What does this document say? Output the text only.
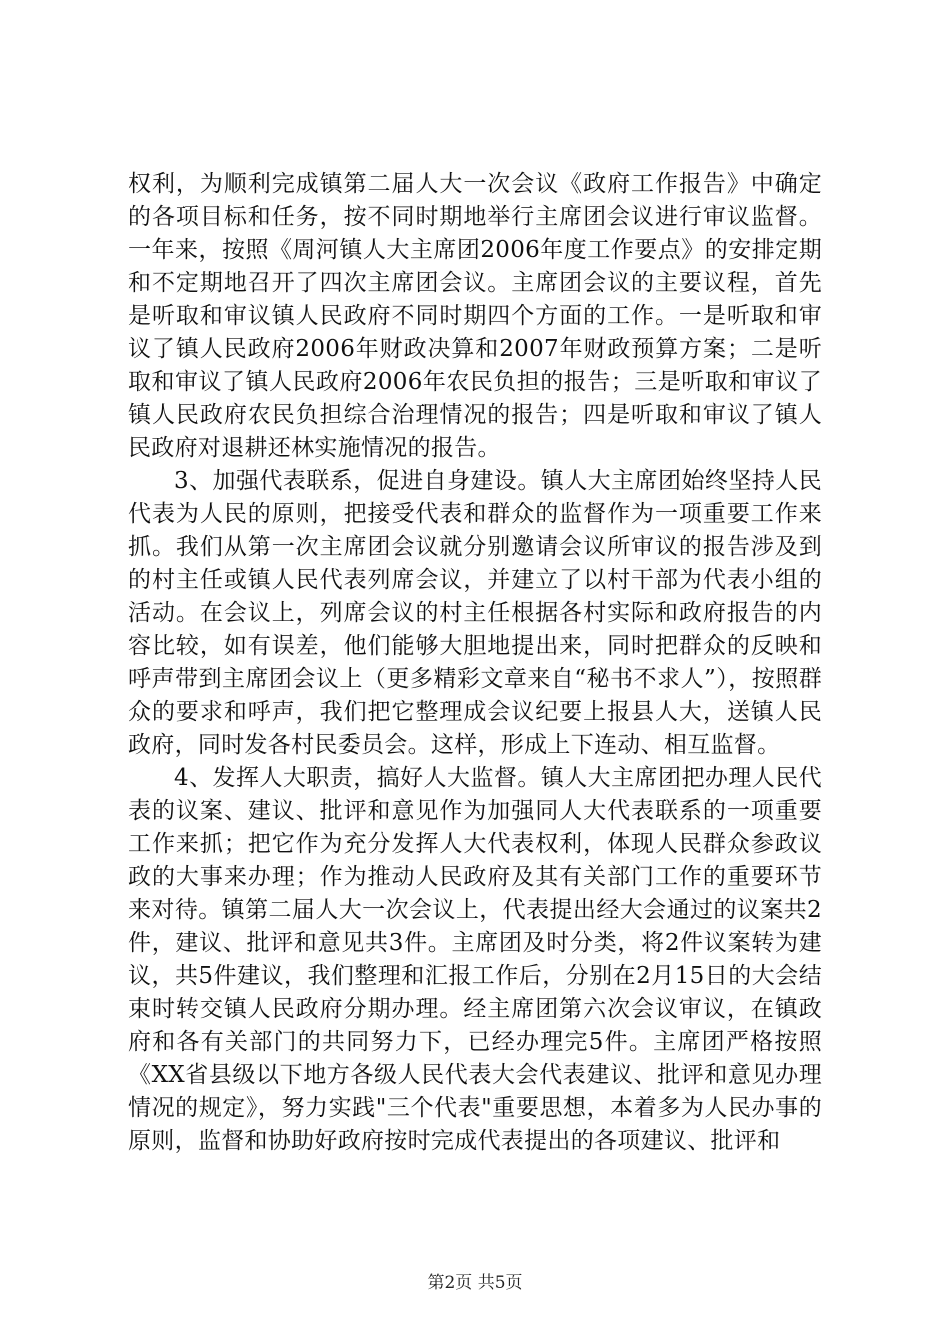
权利，为顺利完成镇第二届人大一次会议《政府工作报告》中确定的各项目标和任务，按不同时期地举行主席团会议进行审议监督。一年来，按照《周河镇人大主席团2006年度工作要点》的安排定期和不定期地召开了四次主席团会议。主席团会议的主要议程，首先是听取和审议镇人民政府不同时期四个方面的工作。一是听取和审议了镇人民政府2006年财政决算和2007年财政预算方案；二是听取和审议了镇人民政府2006年农民负担的报告；三是听取和审议了镇人民政府农民负担综合治理情况的报告；四是听取和审议了镇人民政府对退耕还林实施情况的报告。

3、加强代表联系，促进自身建设。镇人大主席团始终坚持人民代表为人民的原则，把接受代表和群众的监督作为一项重要工作来抓。我们从第一次主席团会议就分别邀请会议所审议的报告涉及到的村主任或镇人民代表列席会议，并建立了以村干部为代表小组的活动。在会议上，列席会议的村主任根据各村实际和政府报告的内容比较，如有误差，他们能够大胆地提出来，同时把群众的反映和呼声带到主席团会议上（更多精彩文章来自“秘书不求人”），按照群众的要求和呼声，我们把它整理成会议纪要上报县人大，送镇人民政府，同时发各村民委员会。这样，形成上下连动、相互监督。

4、发挥人大职责，搞好人大监督。镇人大主席团把办理人民代表的议案、建议、批评和意见作为加强同人大代表联系的一项重要工作来抓；把它作为充分发挥人大代表权利，体现人民群众参政议政的大事来办理；作为推动人民政府及其有关部门工作的重要环节来对待。镇第二届人大一次会议上，代表提出经大会通过的议案共2件，建议、批评和意见共3件。主席团及时分类，将2件议案转为建议，共5件建议，我们整理和汇报工作后，分别在2月15日的大会结束时转交镇人民政府分期办理。经主席团第六次会议审议，在镇政府和各有关部门的共同努力下，已经办理完5件。主席团严格按照《XX省县级以下地方各级人民代表大会代表建议、批评和意见办理情况的规定》，努力实践"三个代表"重要思想，本着多为人民办事的原则，监督和协助好政府按时完成代表提出的各项建议、批评和

第2页 共5页
